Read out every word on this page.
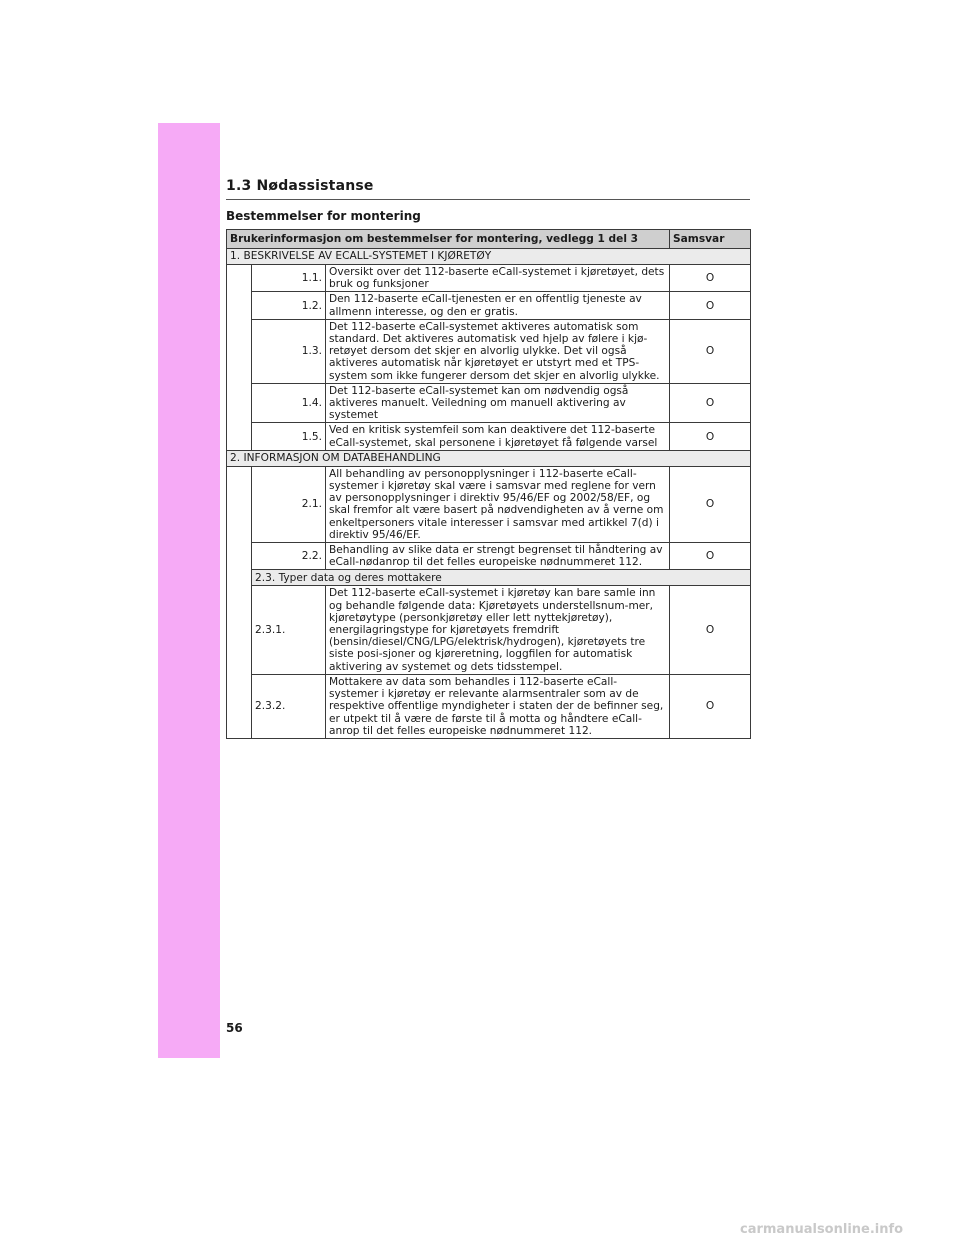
1.3 Nødassistanse
Bestemmelser for montering
Brukerinformasjon om bestemmelser for montering, vedlegg 1 del 3			Samsvar
1. BESKRIVELSE AV ECALL-SYSTEMET I KJØRETØY			
	1.1.	Oversikt over det 112-baserte eCall-systemet i kjøretøyet, dets bruk og funksjoner	O
	1.2.	Den 112-baserte eCall-tjenesten er en offentlig tjeneste av allmenn interesse, og den er gratis.	O
	1.3.	Det 112-baserte eCall-systemet aktiveres automatisk som standard. Det aktiveres automatisk ved hjelp av følere i kjø-retøyet dersom det skjer en alvorlig ulykke. Det vil også aktiveres automatisk når kjøretøyet er utstyrt med et TPS-system som ikke fungerer dersom det skjer en alvorlig ulykke.	O
	1.4.	Det 112-baserte eCall-systemet kan om nødvendig også aktiveres manuelt. Veiledning om manuell aktivering av systemet	O
	1.5.	Ved en kritisk systemfeil som kan deaktivere det 112-baserte eCall-systemet, skal personene i kjøretøyet få følgende varsel	O
2. INFORMASJON OM DATABEHANDLING			
	2.1.	All behandling av personopplysninger i 112-baserte eCall-systemer i kjøretøy skal være i samsvar med reglene for vern av personopplysninger i direktiv 95/46/EF og 2002/58/EF, og skal fremfor alt være basert på nødvendigheten av å verne om enkeltpersoners vitale interesser i samsvar med artikkel 7(d) i direktiv 95/46/EF.	O
	2.2.	Behandling av slike data er strengt begrenset til håndtering av eCall-nødanrop til det felles europeiske nødnummeret 112.	O
	2.3. Typer data og deres mottakere		
	2.3.1.	Det 112-baserte eCall-systemet i kjøretøy kan bare samle inn og behandle følgende data: Kjøretøyets understellsnum-mer, kjøretøytype (personkjøretøy eller lett nyttekjøretøy), energilagringstype for kjøretøyets fremdrift (bensin/diesel/CNG/LPG/elektrisk/hydrogen), kjøretøyets tre siste posi-sjoner og kjøreretning, loggfilen for automatisk aktivering av systemet og dets tidsstempel.	O
	2.3.2.	Mottakere av data som behandles i 112-baserte eCall-systemer i kjøretøy er relevante alarmsentraler som av de respektive offentlige myndigheter i staten der de befinner seg, er utpekt til å være de første til å motta og håndtere eCall-anrop til det felles europeiske nødnummeret 112.	O
56
carmanualsonline.info
